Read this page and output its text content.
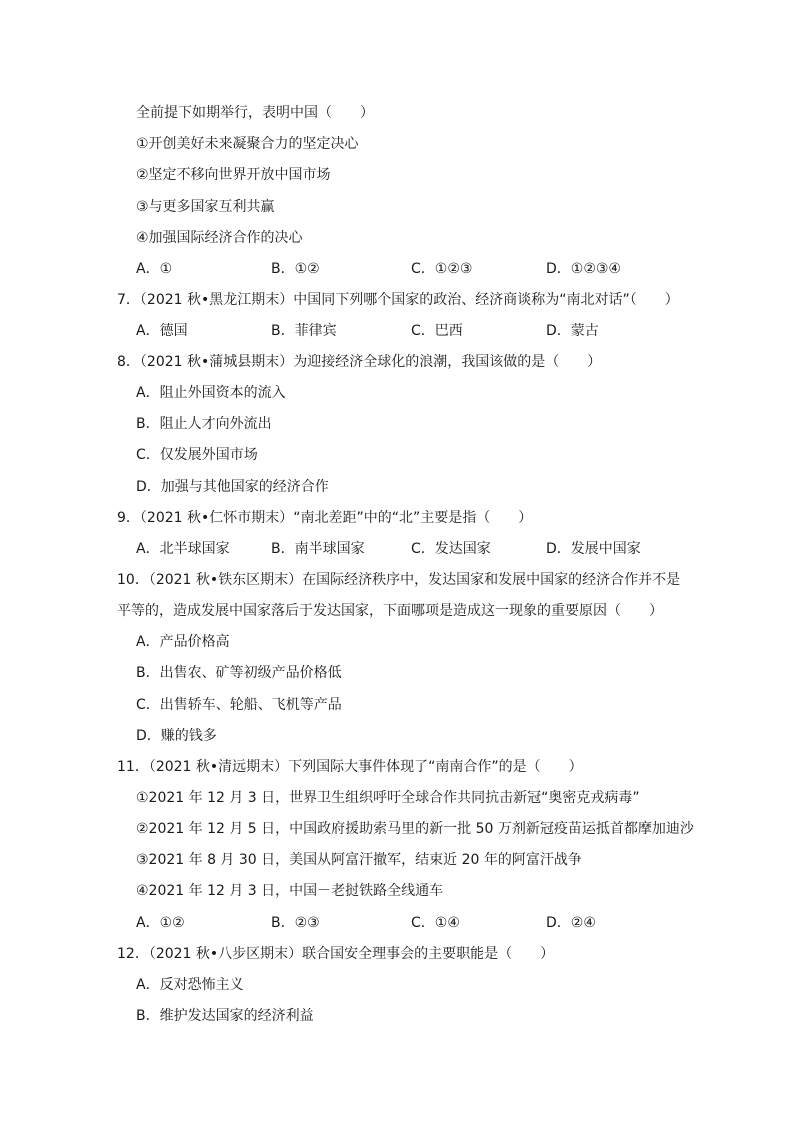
全前提下如期举行，表明中国（　　）
①开创美好未来凝聚合力的坚定决心
②坚定不移向世界开放中国市场
③与更多国家互利共赢
④加强国际经济合作的决心
A．①	B．①②	C．①②③	D．①②③④
7．（2021 秋•黑龙江期末）中国同下列哪个国家的政治、经济商谈称为“南北对话”（　　）
A．德国	B．菲律宾	C．巴西	D．蒙古
8．（2021 秋•蒲城县期末）为迎接经济全球化的浪潮，我国该做的是（　　）
A．阻止外国资本的流入
B．阻止人才向外流出
C．仅发展外国市场
D．加强与其他国家的经济合作
9．（2021 秋•仁怀市期末）“南北差距”中的“北”主要是指（　　）
A．北半球国家	B．南半球国家	C．发达国家	D．发展中国家
10．（2021 秋•铁东区期末）在国际经济秩序中，发达国家和发展中国家的经济合作并不是
平等的，造成发展中国家落后于发达国家，下面哪项是造成这一现象的重要原因（　　）
A．产品价格高
B．出售农、矿等初级产品价格低
C．出售轿车、轮船、飞机等产品
D．赚的钱多
11．（2021 秋•清远期末）下列国际大事件体现了“南南合作”的是（　　）
①2021 年 12 月 3 日，世界卫生组织呼吁全球合作共同抗击新冠“奥密克戎病毒”
②2021 年 12 月 5 日，中国政府援助索马里的新一批 50 万剂新冠疫苗运抵首都摩加迪沙
③2021 年 8 月 30 日，美国从阿富汗撤军，结束近 20 年的阿富汗战争
④2021 年 12 月 3 日，中国－老挝铁路全线通车
A．①②	B．②③	C．①④	D．②④
12．（2021 秋•八步区期末）联合国安全理事会的主要职能是（　　）
A．反对恐怖主义
B．维护发达国家的经济利益
